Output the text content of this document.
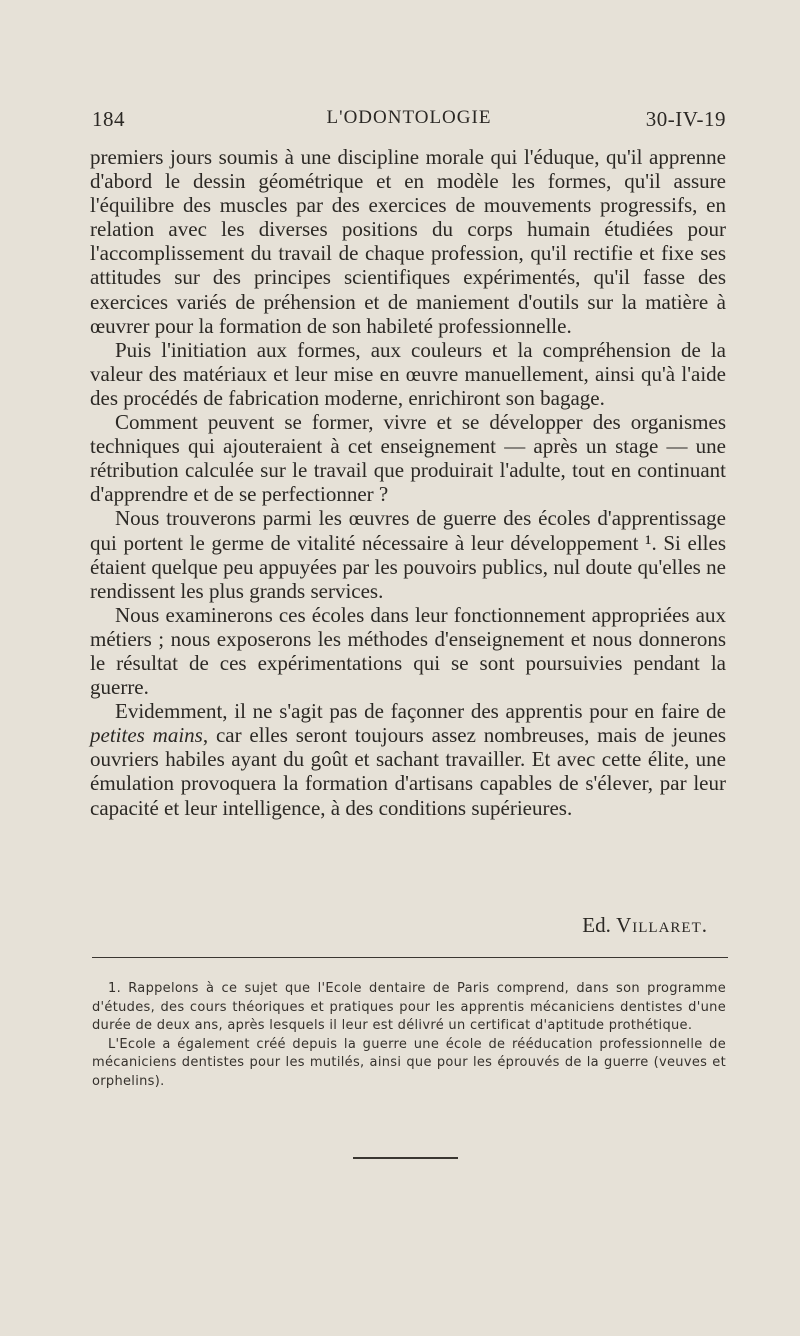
184	L'ODONTOLOGIE	30-IV-19

premiers jours soumis à une discipline morale qui l'éduque, qu'il apprenne d'abord le dessin géométrique et en modèle les formes, qu'il assure l'équilibre des muscles par des exercices de mouvements progressifs, en relation avec les diverses positions du corps humain étudiées pour l'accomplissement du travail de chaque profession, qu'il rectifie et fixe ses attitudes sur des principes scientifiques expérimentés, qu'il fasse des exercices variés de préhension et de maniement d'outils sur la matière à œuvrer pour la formation de son habileté professionnelle.

Puis l'initiation aux formes, aux couleurs et la compréhension de la valeur des matériaux et leur mise en œuvre manuellement, ainsi qu'à l'aide des procédés de fabrication moderne, enrichiront son bagage.

Comment peuvent se former, vivre et se développer des organismes techniques qui ajouteraient à cet enseignement — après un stage — une rétribution calculée sur le travail que produirait l'adulte, tout en continuant d'apprendre et de se perfectionner ?

Nous trouverons parmi les œuvres de guerre des écoles d'apprentissage qui portent le germe de vitalité nécessaire à leur développement ¹. Si elles étaient quelque peu appuyées par les pouvoirs publics, nul doute qu'elles ne rendissent les plus grands services.

Nous examinerons ces écoles dans leur fonctionnement appropriées aux métiers ; nous exposerons les méthodes d'enseignement et nous donnerons le résultat de ces expérimentations qui se sont poursuivies pendant la guerre.

Evidemment, il ne s'agit pas de façonner des apprentis pour en faire de petites mains, car elles seront toujours assez nombreuses, mais de jeunes ouvriers habiles ayant du goût et sachant travailler. Et avec cette élite, une émulation provoquera la formation d'artisans capables de s'élever, par leur capacité et leur intelligence, à des conditions supérieures.

Ed. Villaret.

1. Rappelons à ce sujet que l'Ecole dentaire de Paris comprend, dans son programme d'études, des cours théoriques et pratiques pour les apprentis mécaniciens dentistes d'une durée de deux ans, après lesquels il leur est délivré un certificat d'aptitude prothétique.

L'Ecole a également créé depuis la guerre une école de rééducation professionnelle de mécaniciens dentistes pour les mutilés, ainsi que pour les éprouvés de la guerre (veuves et orphelins).
